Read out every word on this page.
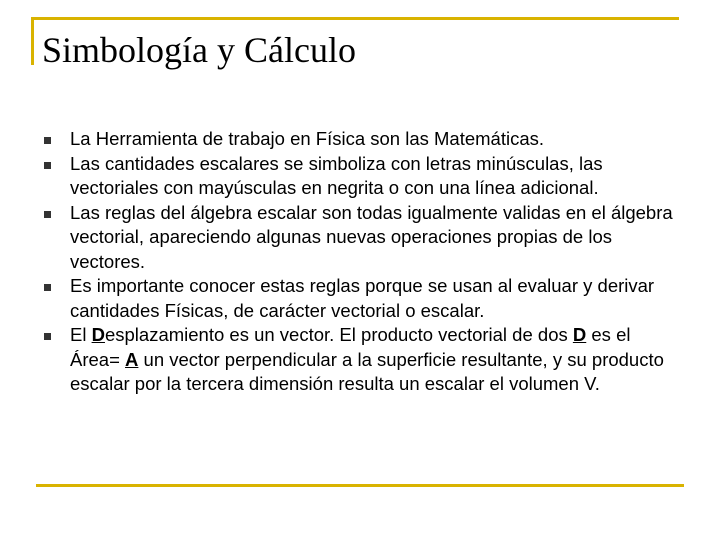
Simbología y Cálculo
La Herramienta de trabajo en Física son las Matemáticas.
Las cantidades escalares se simboliza con letras minúsculas, las vectoriales con mayúsculas en negrita o con una línea adicional.
Las reglas del álgebra escalar son todas igualmente validas en el álgebra vectorial, apareciendo algunas nuevas operaciones propias de los vectores.
Es importante conocer estas reglas porque se usan al evaluar y derivar cantidades Físicas, de carácter vectorial o escalar.
El Desplazamiento es un vector. El producto vectorial de dos D es el Área= A un vector perpendicular a la superficie resultante, y su producto escalar por la tercera dimensión resulta un escalar el volumen V.
